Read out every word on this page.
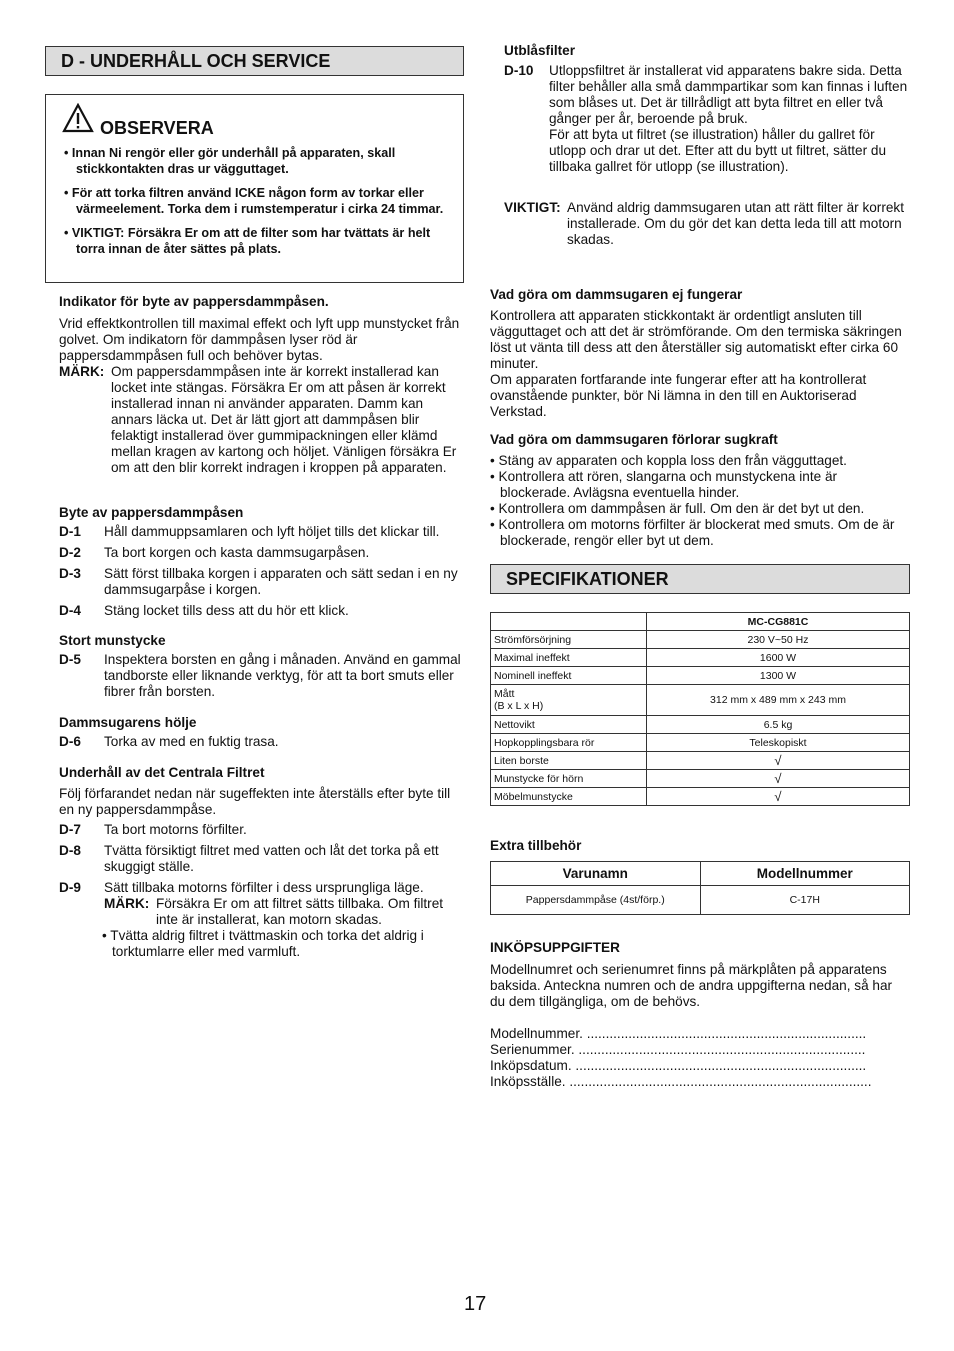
D - UNDERHÅLL OCH SERVICE
OBSERVERA
• Innan Ni rengör eller gör underhåll på apparaten, skall stickkontakten dras ur vägguttaget.
• För att torka filtren använd ICKE någon form av torkar eller värmeelement. Torka dem i rumstemperatur i cirka 24 timmar.
• VIKTIGT: Försäkra Er om att de filter som har tvättats är helt torra innan de åter sättes på plats.
Indikator för byte av pappersdammpåsen.

Vrid effektkontrollen till maximal effekt och lyft upp munstycket från golvet. Om indikatorn för dammpåsen lyser röd är pappersdammpåsen full och behöver bytas.

MÄRK: Om pappersdammpåsen inte är korrekt installerad kan locket inte stängas. Försäkra Er om att påsen är korrekt installerad innan ni använder apparaten. Damm kan annars läcka ut. Det är lätt gjort att dammpåsen blir felaktigt installerad över gummipackningen eller klämd mellan kragen av kartong och höljet. Vänligen försäkra Er om att den blir korrekt indragen i kroppen på apparaten.
Byte av pappersdammpåsen
D-1	Håll dammuppsamlaren och lyft höljet tills det klickar till.
D-2	Ta bort korgen och kasta dammsugarpåsen.
D-3	Sätt först tillbaka korgen i apparaten och sätt sedan i en ny dammsugarpåse i korgen.
D-4	Stäng locket tills dess att du hör ett klick.
Stort munstycke
D-5	Inspektera borsten en gång i månaden. Använd en gammal tandborste eller liknande verktyg, för att ta bort smuts eller fibrer från borsten.
Dammsugarens hölje
D-6	Torka av med en fuktig trasa.
Underhåll av det Centrala Filtret

Följ förfarandet nedan när sugeffekten inte återställs efter byte till en ny pappersdammpåse.

D-7	Ta bort motorns förfilter.
D-8	Tvätta försiktigt filtret med vatten och låt det torka på ett skuggigt ställe.
D-9	Sätt tillbaka motorns förfilter i dess ursprungliga läge.
MÄRK: Försäkra Er om att filtret sätts tillbaka. Om filtret inte är installerat, kan motorn skadas.
• Tvätta aldrig filtret i tvättmaskin och torka det aldrig i torktumlarre eller med varmluft.
Utblåsfilter
D-10	Utloppsfiltret är installerat vid apparatens bakre sida. Detta filter behåller alla små dammpartikar som kan finnas i luften som blåses ut. Det är tillrådligt att byta filtret en eller två gånger per år, beroende på bruk.
För att byta ut filtret (se illustration) håller du gallret för utlopp och drar ut det. Efter att du bytt ut filtret, sätter du tillbaka gallret för utlopp (se illustration).
VIKTIGT: Använd aldrig dammsugaren utan att rätt filter är korrekt installerade. Om du gör det kan detta leda till att motorn skadas.
Vad göra om dammsugaren ej fungerar

Kontrollera att apparaten stickkontakt är ordentligt ansluten till vägguttaget och att det är strömförande. Om den termiska säkringen löst ut vänta till dess att den återställer sig automatiskt efter cirka 60 minuter.

Om apparaten fortfarande inte fungerar efter att ha kontrollerat ovanstående punkter, bör Ni lämna in den till en Auktoriserad Verkstad.

Vad göra om dammsugaren förlorar sugkraft
• Stäng av apparaten och koppla loss den från vägguttaget.
• Kontrollera att rören, slangarna och munstyckena inte är blockerade. Avlägsna eventuella hinder.
• Kontrollera om dammpåsen är full. Om den är det byt ut den.
• Kontrollera om motorns förfilter är blockerat med smuts. Om de är blockerade, rengör eller byt ut dem.
SPECIFIKATIONER
	MC-CG881C
Strömförsörjning	230 V~50 Hz
Maximal ineffekt	1600 W
Nominell ineffekt	1300 W

Mått
(B x L x H)	312 mm x 489 mm x 243 mm
Nettovikt	6.5 kg
Hopkopplingsbara rör	Teleskopiskt
Liten borste	√
Munstycke för hörn	√
Möbelmunstycke	√
Extra tillbehör
Varunamn	Modellnummer
Pappersdammpåse (4st/förp.)	C-17H
INKÖPSUPPGIFTER

Modellnumret och serienumret finns på märkplåten på apparatens baksida. Anteckna numren och de andra uppgifterna nedan, så har du dem tillgängliga, om de behövs.

Modellnummer. ..........................................................................
Serienummer. ............................................................................
Inköpsdatum. .............................................................................
Inköpsställe. ................................................................................
17
